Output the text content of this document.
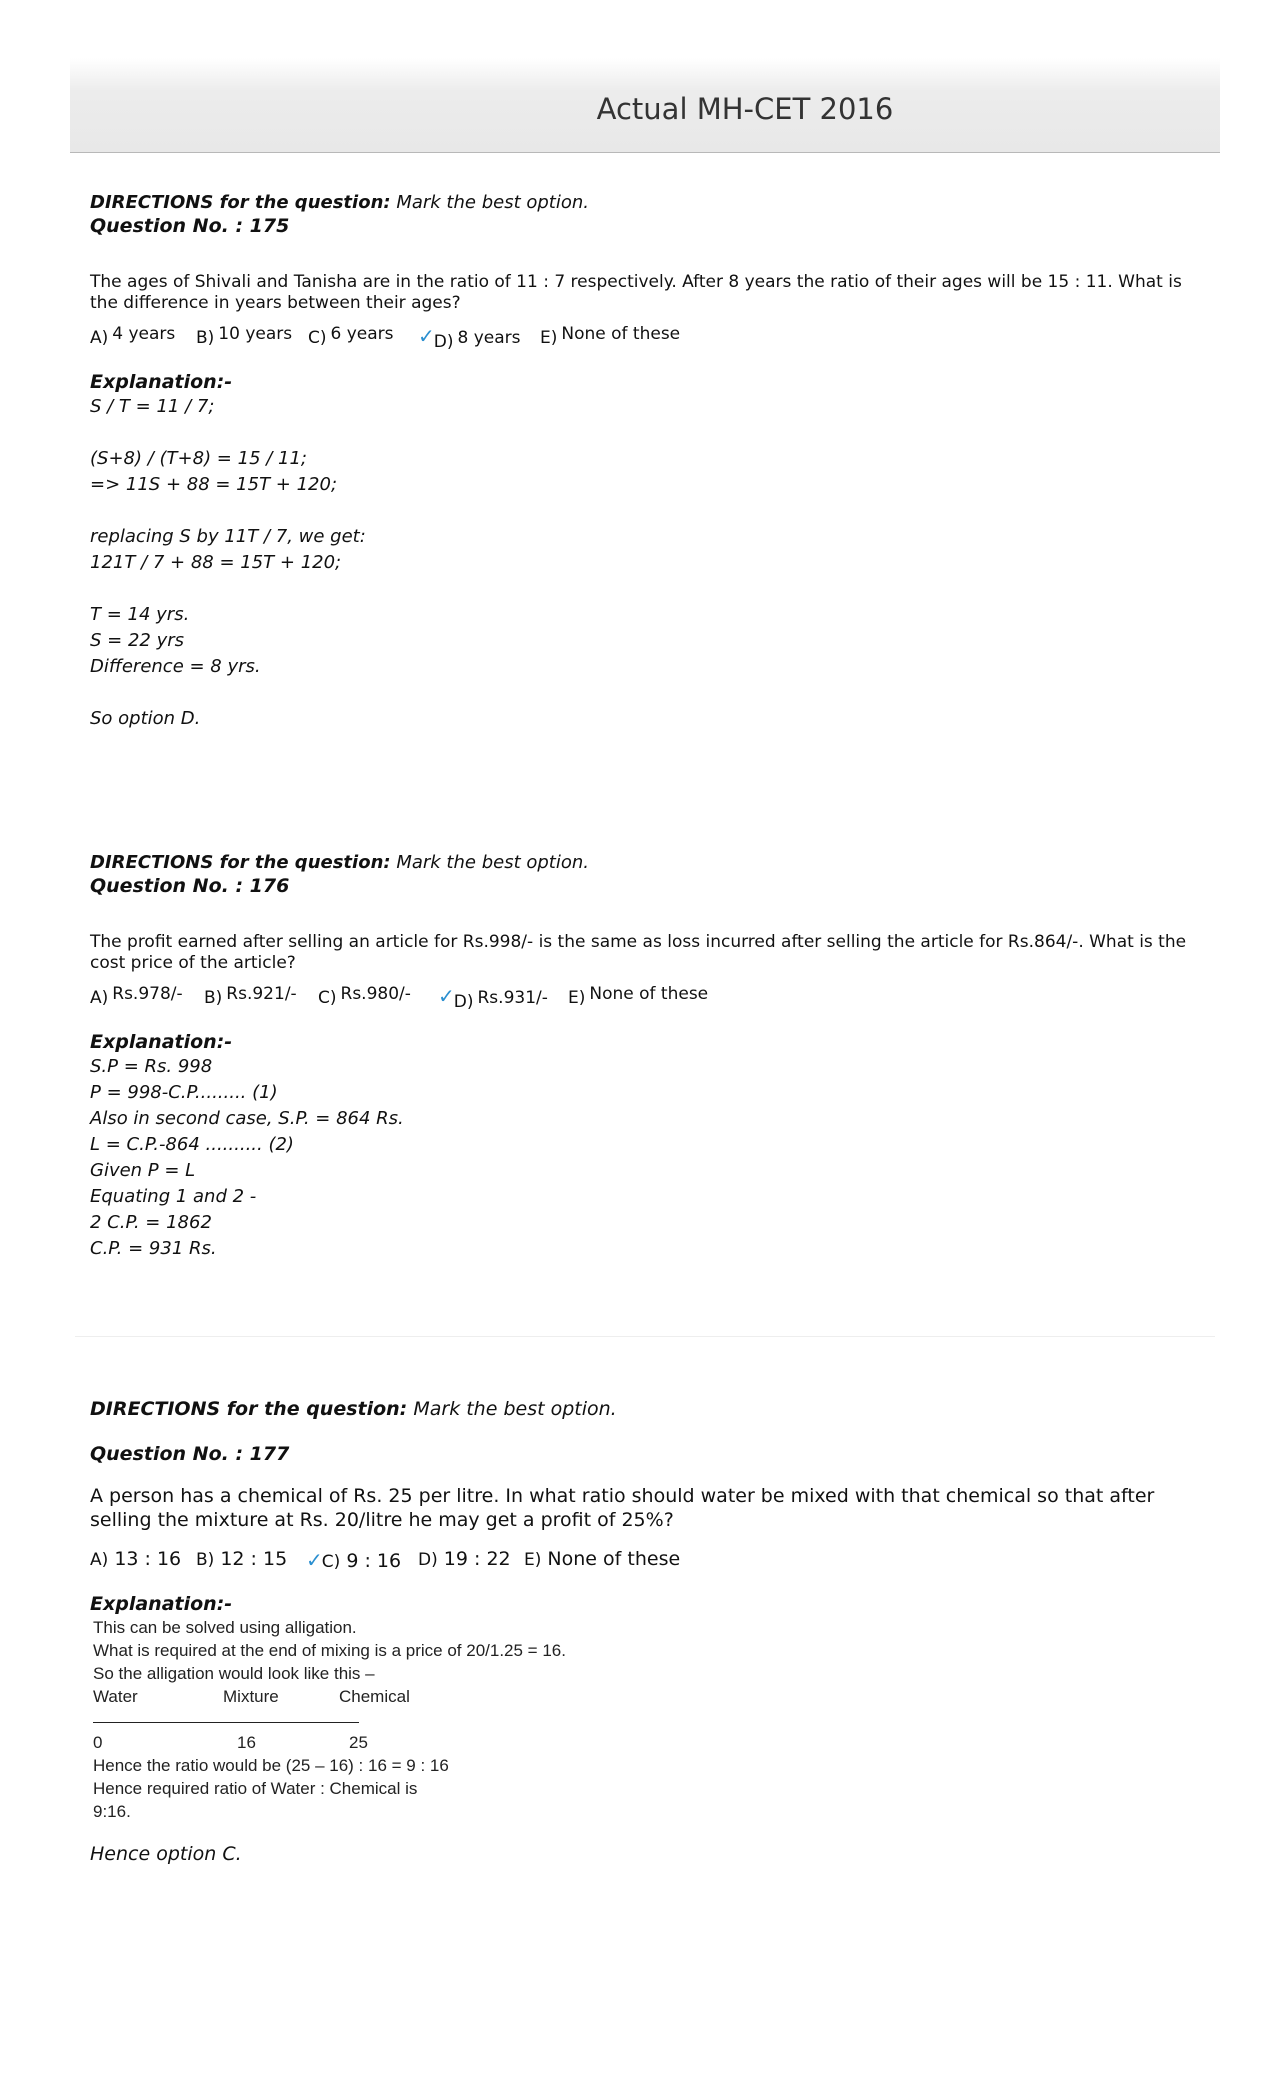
Actual MH-CET 2016
DIRECTIONS for the question: Mark the best option.
Question No. : 175
The ages of Shivali and Tanisha are in the ratio of 11 : 7 respectively. After 8 years the ratio of their ages will be 15 : 11. What is the difference in years between their ages?
A) 4 years B) 10 years C) 6 years ✓D) 8 years E) None of these
Explanation:-
S / T = 11 / 7;
(S+8) / (T+8) = 15 / 11;
=> 11S + 88 = 15T + 120;
replacing S by 11T / 7, we get:
121T / 7 + 88 = 15T + 120;
T = 14 yrs.
S = 22 yrs
Difference = 8 yrs.
So option D.
DIRECTIONS for the question: Mark the best option.
Question No. : 176
The profit earned after selling an article for Rs.998/- is the same as loss incurred after selling the article for Rs.864/-. What is the cost price of the article?
A) Rs.978/- B) Rs.921/- C) Rs.980/- ✓D) Rs.931/- E) None of these
Explanation:-
S.P = Rs. 998
P = 998-C.P......... (1)
Also in second case, S.P. = 864 Rs.
L = C.P.-864 .......... (2)
Given P = L
Equating 1 and 2 -
2 C.P. = 1862
C.P. = 931 Rs.
DIRECTIONS for the question: Mark the best option.
Question No. : 177
A person has a chemical of Rs. 25 per litre. In what ratio should water be mixed with that chemical so that after selling the mixture at Rs. 20/litre he may get a profit of 25%?
A) 13 : 16 B) 12 : 15 ✓C) 9 : 16 D) 19 : 22 E) None of these
Explanation:-
This can be solved using alligation.
What is required at the end of mixing is a price of 20/1.25 = 16.
So the alligation would look like this –
Water	Mixture	Chemical
0	16	25
Hence the ratio would be (25 – 16) : 16 = 9 : 16
Hence required ratio of Water : Chemical is
9:16.
Hence option C.
